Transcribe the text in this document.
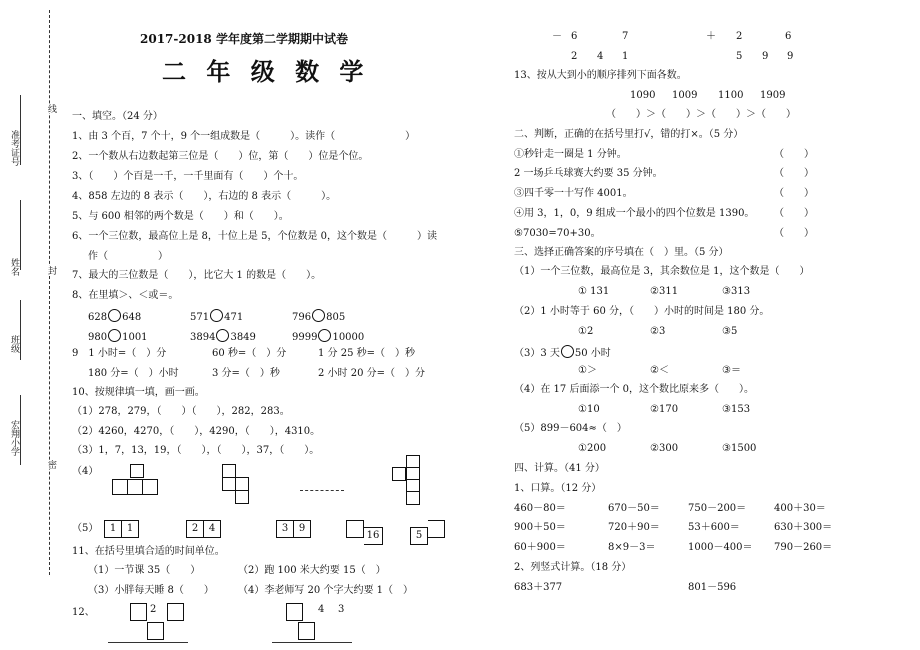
准考证号
姓名
班级
宏翔小学
线
封
密
2017-2018 学年度第二学期期中试卷
二 年 级 数 学
一、填空。（24 分）
1、由 3 个百，7 个十，9 个一组成数是（　　　）。读作（　　　　　　　）
2、一个数从右边数起第三位是（　　）位，第（　　）位是个位。
3、（　　）个百是一千，一千里面有（　　）个十。
4、858 左边的 8 表示（　　），右边的 8 表示（　　　）。
5、与 600 相邻的两个数是（　　）和（　　）。
6、一个三位数，最高位上是 8，十位上是 5，个位数是 0，这个数是（　　　）读
作（　　　　　）
7、最大的三位数是（　　），比它大 1 的数是（　　）。
8、在里填＞、＜或＝。
628 648	571 471	796 805
980 1001	3894 3849	9999 10000
9　1 小时=（　）分	60 秒=（　）分	1 分 25 秒=（　）秒
180 分=（　）小时	3 分=（　）秒	2 小时 20 分=（　）分
10、按规律填一填，画一画。
（1）278，279，（　　）（　　），282，283。
（2）4260，4270，（　　），4290，（　　），4310。
（3）1，7，13，19，（　　），（　　），37，（　　）。
（4）
（5）	1 1	2 4	3 9
16	5
11、在括号里填合适的时间单位。
（1）一节课 35（　　）	（2）跑 100 米大约要 15（　）
（3）小胖每天睡 8（　　） （4）李老师写 20 个字大约要 1（　）
12、	2	4 3
－ 6	7	＋ 2	6
2 4 1	5 9 9
13、按从大到小的顺序排列下面各数。
1090 1009 1100 1909
（　　）＞（　　）＞（　　）＞（　　）
二、判断，正确的在括号里打√，错的打×。（5 分）
①秒针走一圈是 1 分钟。	（　　）
2 一场乒乓球赛大约要 35 分钟。	（　　）
③四千零一十写作 4001。	（　　）
④用 3，1，0，9 组成一个最小的四个位数是 1390。 （　　）
⑤7030=70+30。	（　　）
三、选择正确答案的序号填在（　）里。（5 分）
（1）一个三位数，最高位是 3，其余数位是 1，这个数是（　　）
① 131	②311	③313
（2）1 小时等于 60 分，（　　）小时的时间是 180 分。
①2	②3	③5
（3）3 天 50 小时
①＞	②＜	③＝
（4）在 17 后面添一个 0，这个数比原来多（　　）。
①10	②170	③153
（5）899－604≈（　）
①200	②300	③1500
四、计算。（41 分）
1、口算。（12 分）
460－80＝	670－50＝	750－200＝	400＋30＝
900＋50＝	720＋90＝	53＋600＝	630＋300＝
60＋900＝	8×9－3＝	1000－400＝ 790－260＝
2、列竖式计算。（18 分）
683＋377	801－596
